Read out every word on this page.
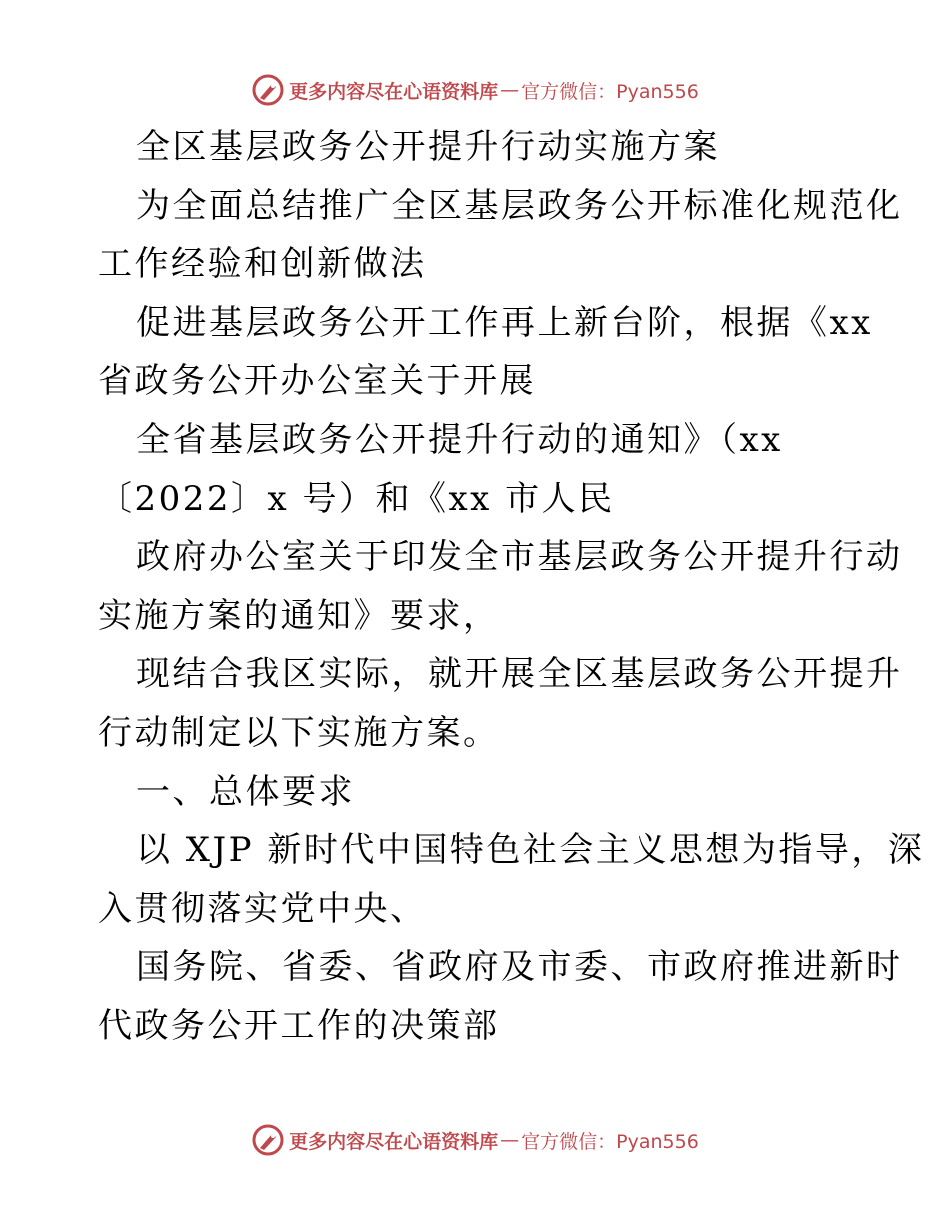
更多内容尽在心语资料库 — 官方微信：Pyan556
全区基层政务公开提升行动实施方案
为全面总结推广全区基层政务公开标准化规范化
工作经验和创新做法
促进基层政务公开工作再上新台阶，根据《xx
省政务公开办公室关于开展
全省基层政务公开提升行动的通知》（xx
〔2022〕x 号）和《xx 市人民
政府办公室关于印发全市基层政务公开提升行动
实施方案的通知》要求，
现结合我区实际，就开展全区基层政务公开提升
行动制定以下实施方案。
一、总体要求
以 XJP 新时代中国特色社会主义思想为指导，深
入贯彻落实党中央、
国务院、省委、省政府及市委、市政府推进新时
代政务公开工作的决策部
更多内容尽在心语资料库 — 官方微信：Pyan556
